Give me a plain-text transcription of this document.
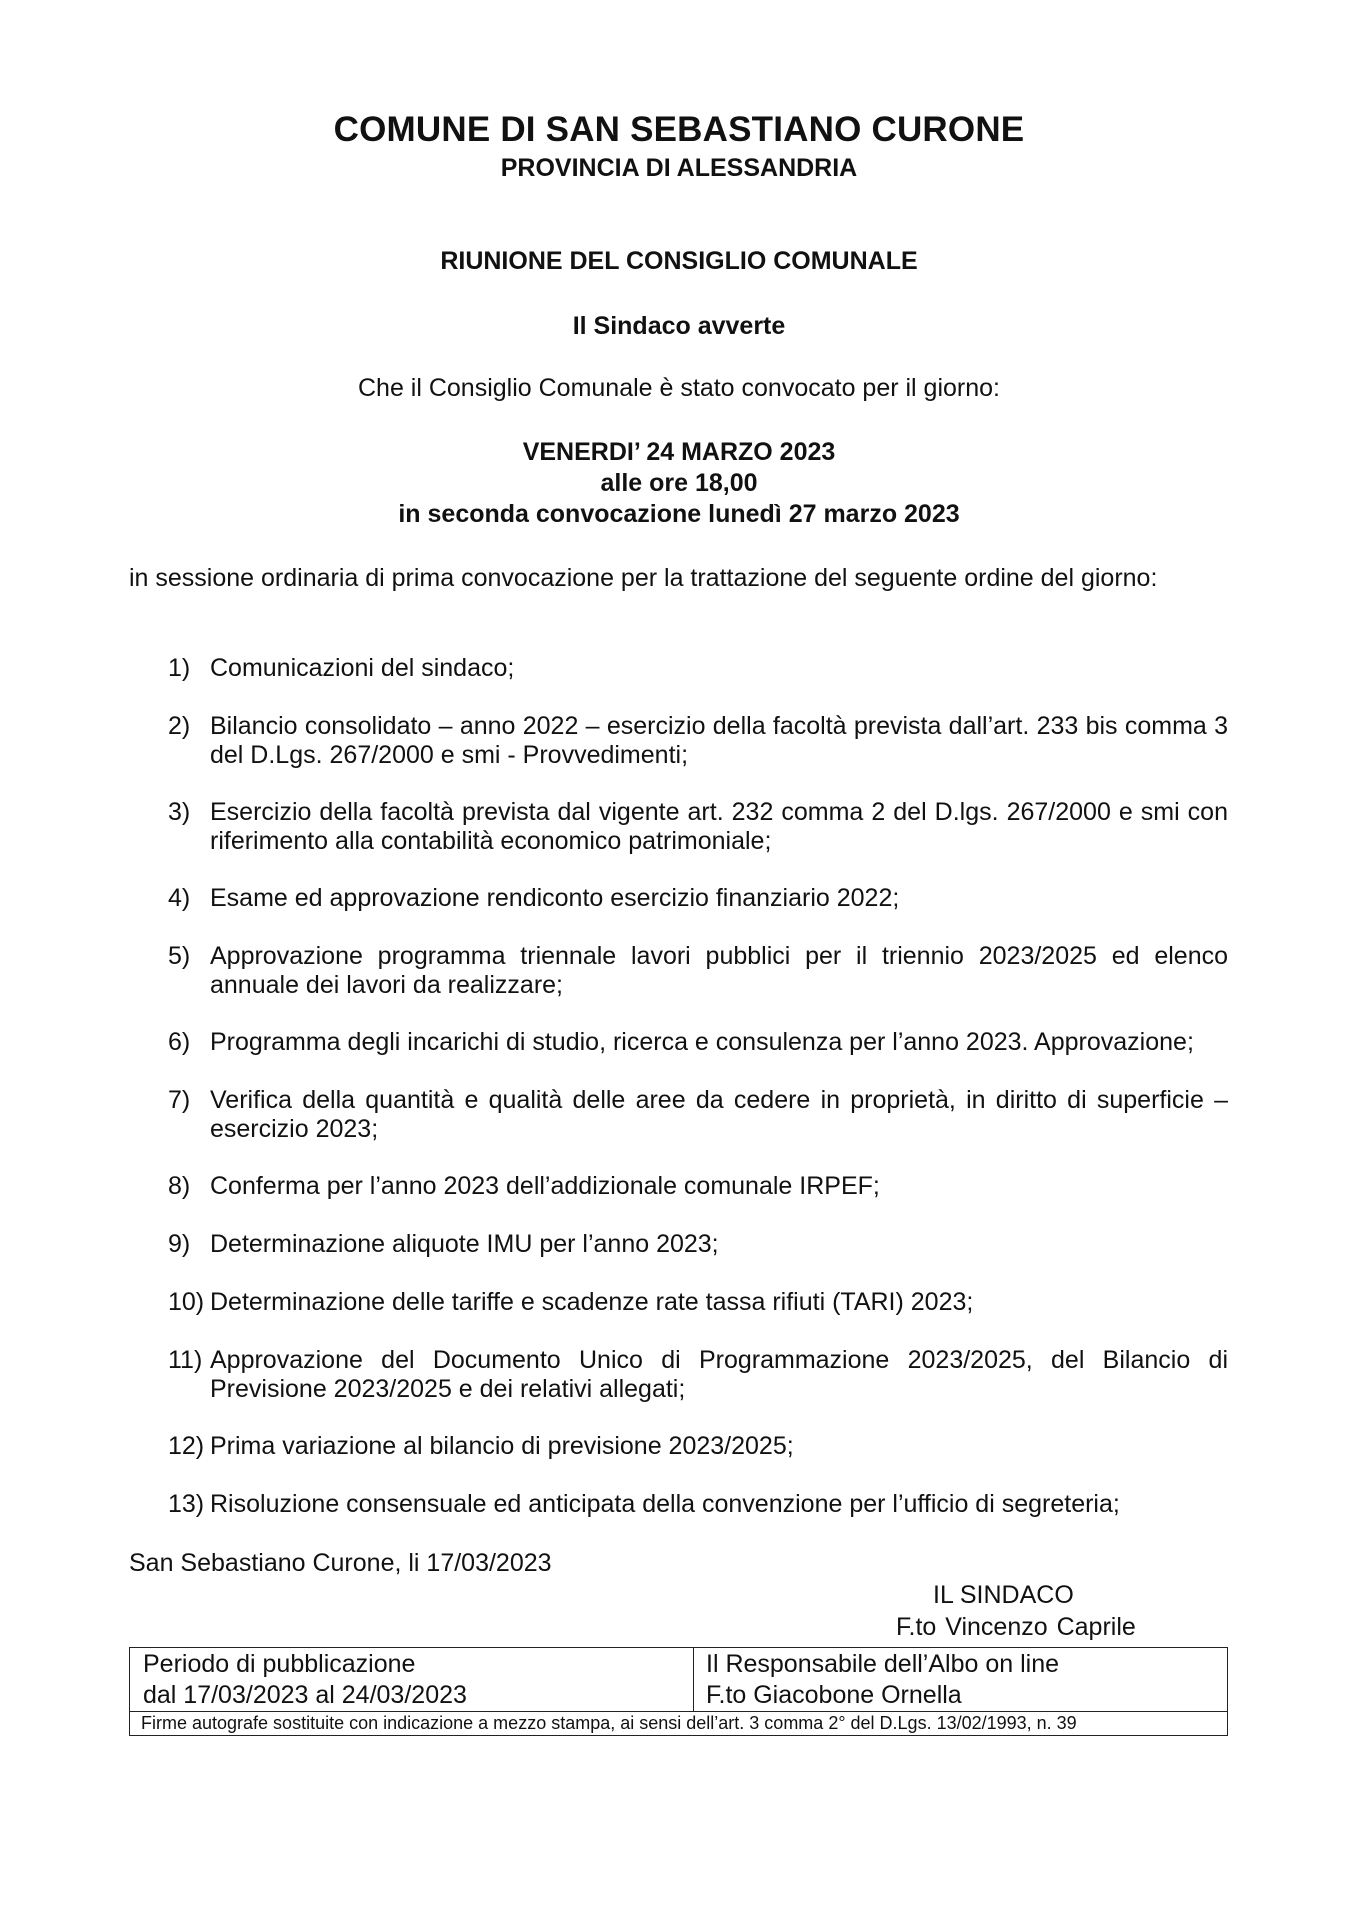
COMUNE DI SAN SEBASTIANO CURONE
PROVINCIA DI ALESSANDRIA
RIUNIONE DEL CONSIGLIO COMUNALE
Il Sindaco avverte
Che il Consiglio Comunale è stato convocato per il giorno:
VENERDI’ 24 MARZO 2023
alle ore 18,00
in seconda convocazione lunedì 27 marzo 2023
in sessione ordinaria di prima convocazione per la trattazione del seguente ordine del giorno:
1) Comunicazioni del sindaco;
2) Bilancio consolidato – anno 2022 – esercizio della facoltà prevista dall’art. 233 bis comma 3 del D.Lgs. 267/2000 e smi - Provvedimenti;
3) Esercizio della facoltà prevista dal vigente art. 232 comma 2 del D.lgs. 267/2000 e smi con riferimento alla contabilità economico patrimoniale;
4) Esame ed approvazione rendiconto esercizio finanziario 2022;
5) Approvazione programma triennale lavori pubblici per il triennio 2023/2025 ed elenco annuale dei lavori da realizzare;
6) Programma degli incarichi di studio, ricerca e consulenza per l’anno 2023. Approvazione;
7) Verifica della quantità e qualità delle aree da cedere in proprietà, in diritto di superficie – esercizio 2023;
8) Conferma per l’anno 2023 dell’addizionale comunale IRPEF;
9) Determinazione aliquote IMU per l’anno 2023;
10) Determinazione delle tariffe e scadenze rate tassa rifiuti (TARI) 2023;
11) Approvazione del Documento Unico di Programmazione 2023/2025, del Bilancio di Previsione 2023/2025 e dei relativi allegati;
12) Prima variazione al bilancio di previsione 2023/2025;
13) Risoluzione consensuale ed anticipata della convenzione per l’ufficio di segreteria;
San Sebastiano Curone, li 17/03/2023
IL SINDACO
F.to Vincenzo Caprile
Periodo di pubblicazione
dal 17/03/2023 al 24/03/2023

Il Responsabile dell’Albo on line
F.to Giacobone Ornella

Firme autografe sostituite con indicazione a mezzo stampa, ai sensi dell’art. 3 comma 2° del D.Lgs. 13/02/1993, n. 39
